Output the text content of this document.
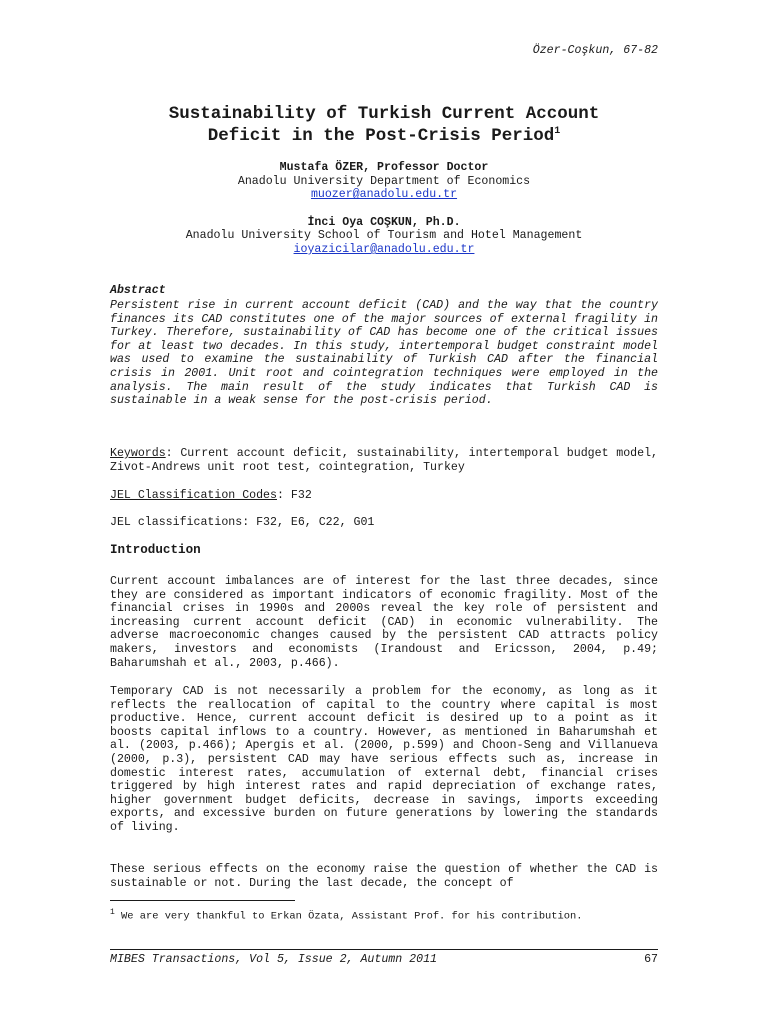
Özer-Coşkun, 67-82
Sustainability of Turkish Current Account
Deficit in the Post-Crisis Period$^1$
Mustafa ÖZER, Professor Doctor
Anadolu University Department of Economics
muozer@anadolu.edu.tr
İnci Oya COŞKUN, Ph.D.
Anadolu University School of Tourism and Hotel Management
ioyazicilar@anadolu.edu.tr
Abstract

Persistent rise in current account deficit (CAD) and the way that the country finances its CAD constitutes one of the major sources of external fragility in Turkey. Therefore, sustainability of CAD has become one of the critical issues for at least two decades. In this study, intertemporal budget constraint model was used to examine the sustainability of Turkish CAD after the financial crisis in 2001. Unit root and cointegration techniques were employed in the analysis. The main result of the study indicates that Turkish CAD is sustainable in a weak sense for the post-crisis period.

Keywords: Current account deficit, sustainability, intertemporal budget model, Zivot-Andrews unit root test, cointegration, Turkey

JEL Classification Codes: F32

JEL classifications: F32, E6, C22, G01

Introduction

Current account imbalances are of interest for the last three decades, since they are considered as important indicators of economic fragility. Most of the financial crises in 1990s and 2000s reveal the key role of persistent and increasing current account deficit (CAD) in economic vulnerability. The adverse macroeconomic changes caused by the persistent CAD attracts policy makers, investors and economists (Irandoust and Ericsson, 2004, p.49; Baharumshah et al., 2003, p.466).

Temporary CAD is not necessarily a problem for the economy, as long as it reflects the reallocation of capital to the country where capital is most productive. Hence, current account deficit is desired up to a point as it boosts capital inflows to a country. However, as mentioned in Baharumshah et al. (2003, p.466); Apergis et al. (2000, p.599) and Choon-Seng and Villanueva (2000, p.3), persistent CAD may have serious effects such as, increase in domestic interest rates, accumulation of external debt, financial crises triggered by high interest rates and rapid depreciation of exchange rates, higher government budget deficits, decrease in savings, imports exceeding exports, and excessive burden on future generations by lowering the standards of living.

These serious effects on the economy raise the question of whether the CAD is sustainable or not. During the last decade, the concept of

$^1$ We are very thankful to Erkan Özata, Assistant Prof. for his contribution.
MIBES Transactions, Vol 5, Issue 2, Autumn 2011	67
